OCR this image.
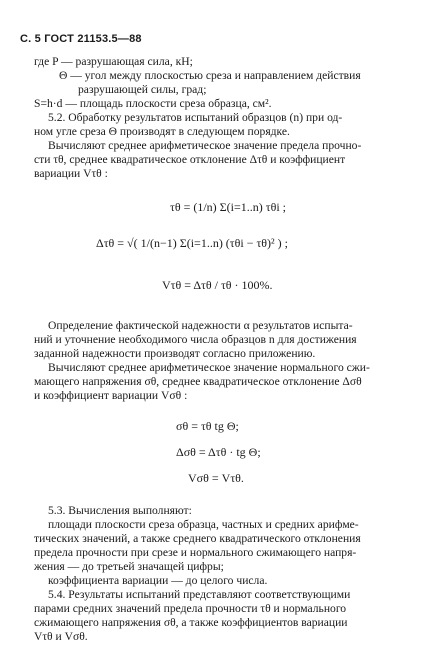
С. 5 ГОСТ 21153.5—88
где P — разрушающая сила, кН;
Θ — угол между плоскостью среза и направлением действия
разрушающей силы, град;
S=h·d — площадь плоскости среза образца, см².
5.2. Обработку результатов испытаний образцов (n) при од-
ном угле среза Θ производят в следующем порядке.
Вычисляют среднее арифметическое значение предела прочно-
сти τθ, среднее квадратическое отклонение Δτθ и коэффициент
вариации Vτθ :
τθ = (1/n) Σ(i=1..n) τθi ;
Δτθ = √( 1/(n−1) Σ(i=1..n) (τθi − τθ)² ) ;
Vτθ = Δτθ / τθ · 100%.
Определение фактической надежности α результатов испыта-
ний и уточнение необходимого числа образцов n для достижения
заданной надежности производят согласно приложению.
Вычисляют среднее арифметическое значение нормального сжи-
мающего напряжения σθ, среднее квадратическое отклонение Δσθ
и коэффициент вариации Vσθ :
σθ = τθ tg Θ;
Δσθ = Δτθ · tg Θ;
Vσθ = Vτθ.
5.3. Вычисления выполняют:
площади плоскости среза образца, частных и средних арифме-
тических значений, а также среднего квадратического отклонения
предела прочности при срезе и нормального сжимающего напря-
жения — до третьей значащей цифры;
коэффициента вариации — до целого числа.
5.4. Результаты испытаний представляют соответствующими
парами средних значений предела прочности τθ и нормального
сжимающего напряжения σθ, а также коэффициентов вариации
Vτθ и Vσθ.
